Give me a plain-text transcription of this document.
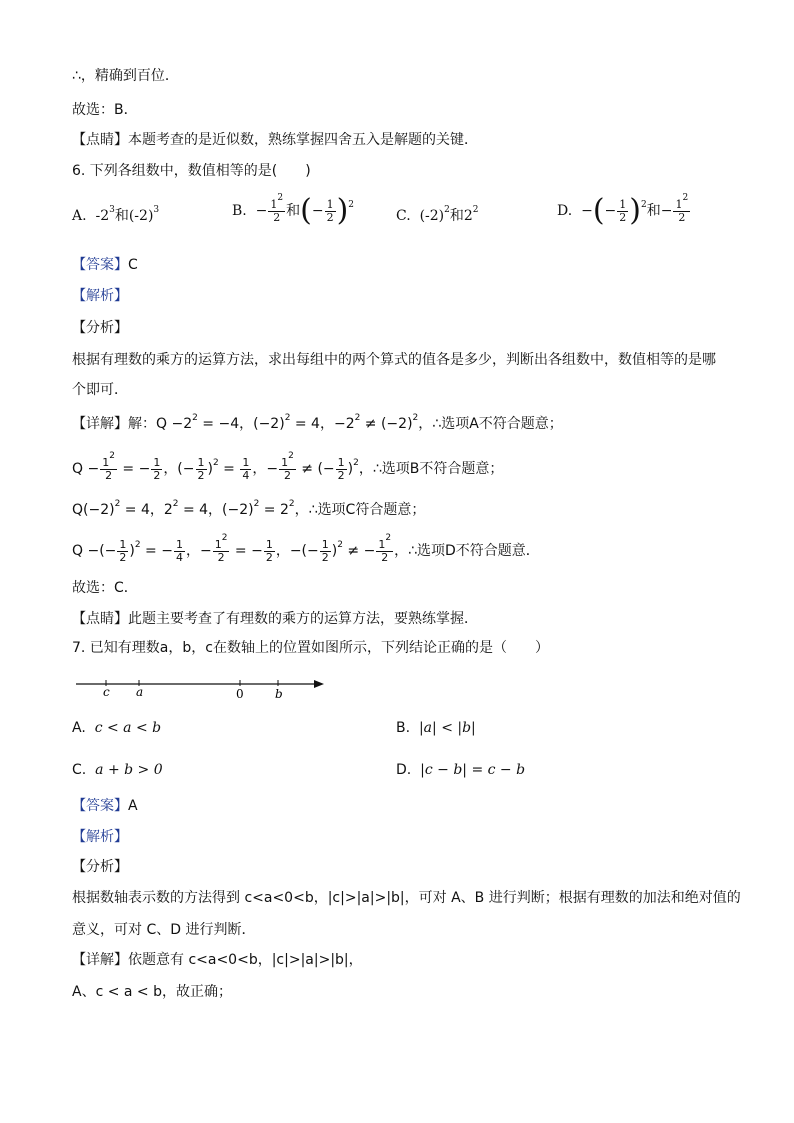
∴，精确到百位．
故选：B．
【点睛】本题考查的是近似数，熟练掌握四舍五入是解题的关键．
6. 下列各组数中，数值相等的是(　　)
A.  $-2^3$和$(-2)^3$	B.  − $\frac{1^2}{2}$ 和(− $\frac{1}{2} )^2$
C.  $(-2)^2$和$2^2$	D.  −(− $\frac{1}{2} )^2$和− $\frac{1^2}{2}$
【答案】C
【解析】
【分析】
根据有理数的乘方的运算方法，求出每组中的两个算式的值各是多少，判断出各组数中，数值相等的是哪
个即可．
【详解】解：$Q -2^2 = -4$，$(-2)^2 = 4$，$-2^2 \ne (-2)^2$，∴选项A不符合题意；
$Q - \frac{1^2}{2}$ = − $\frac{1}{2}$ ，(− $\frac{1}{2} )^2 = \frac{1}{4}$ ，− $\frac{1^2}{2}$ ≠ (− $\frac{1}{2} )^2$，∴选项B不符合题意；
$Q(-2)^2 = 4$，$2^2 = 4$，$(-2)^2 = 2^2$，∴选项C符合题意；
Q −(− $\frac{1}{2} )^2$ = − $\frac{1}{4}$ ，− $\frac{1^2}{2}$ = − $\frac{1}{2}$ ，−(− $\frac{1}{2} )^2$ ≠ − $\frac{1^2}{2}$ ，∴选项D不符合题意．
故选：C．
【点睛】此题主要考查了有理数的乘方的运算方法，要熟练掌握．
7. 已知有理数a，b，c在数轴上的位置如图所示，下列结论正确的是（　　）
c a	0	b
A. c < a < b	B. |a| < |b|
C. a + b > 0	D. |c − b| = c − b
【答案】A
【解析】
【分析】
根据数轴表示数的方法得到 c<a<0<b，|c|>|a|>|b|，可对 A、B 进行判断；根据有理数的加法和绝对值的
意义，可对 C、D 进行判断．
【详解】依题意有 c<a<0<b，|c|>|a|>|b|，
A、c < a < b，故正确；
